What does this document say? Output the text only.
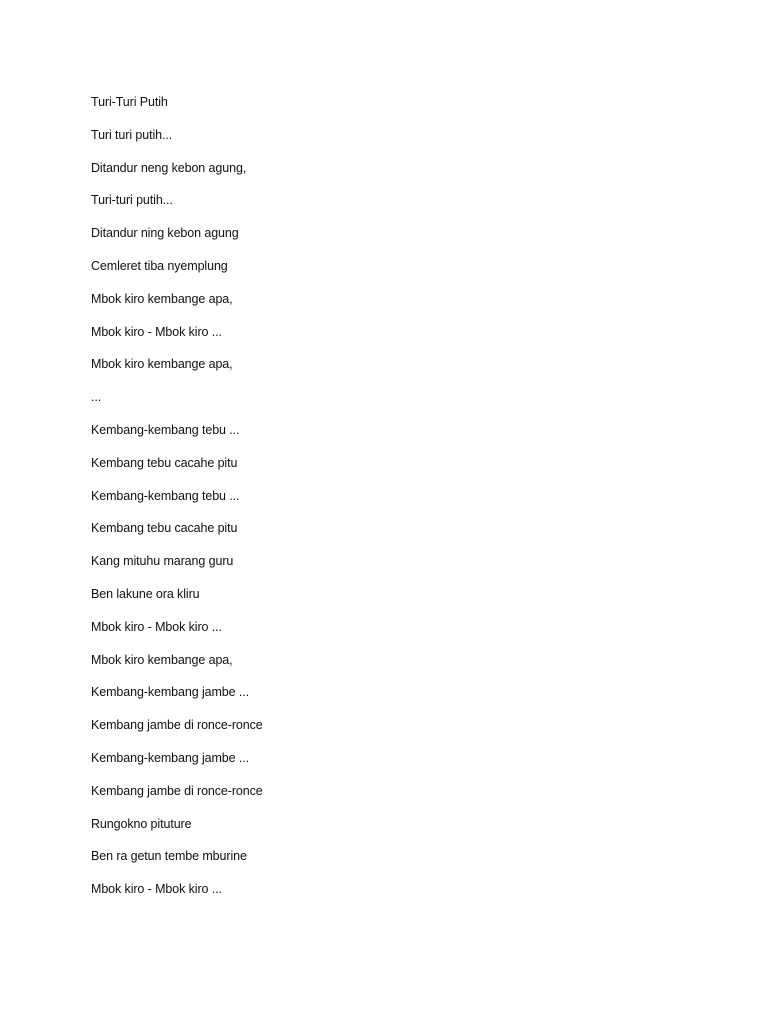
Turi-Turi Putih
Turi turi putih...
Ditandur neng kebon agung,
Turi-turi putih...
Ditandur ning kebon agung
Cemleret tiba nyemplung
Mbok kiro kembange apa,
Mbok kiro - Mbok kiro ...
Mbok kiro kembange apa,
...
Kembang-kembang tebu ...
Kembang tebu cacahe pitu
Kembang-kembang tebu ...
Kembang tebu cacahe pitu
Kang mituhu marang guru
Ben lakune ora kliru
Mbok kiro - Mbok kiro ...
Mbok kiro kembange apa,
Kembang-kembang jambe ...
Kembang jambe di ronce-ronce
Kembang-kembang jambe ...
Kembang jambe di ronce-ronce
Rungokno pituture
Ben ra getun tembe mburine
Mbok kiro - Mbok kiro ...
